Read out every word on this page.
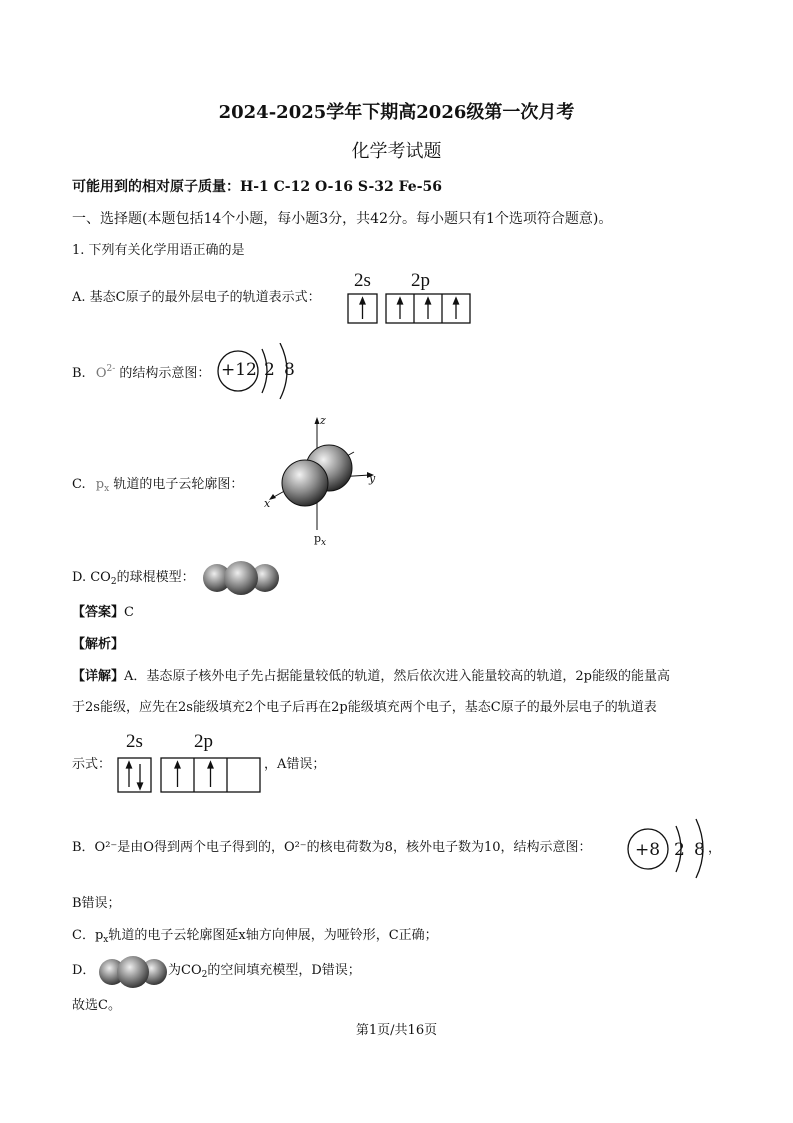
2024-2025学年下期高2026级第一次月考
化学考试题
可能用到的相对原子质量：H-1 C-12 O-16 S-32 Fe-56
一、选择题(本题包括14个小题，每小题3分，共42分。每小题只有1个选项符合题意)。
1. 下列有关化学用语正确的是
A. 基态C原子的最外层电子的轨道表示式：
2s 2p
B. $O^{2-}$ 的结构示意图： +12 2 8
C. $p_x$ 轨道的电子云轮廓图：
z
y
x
$p_x$
D. $CO_2$的球棍模型：
【答案】C
【解析】
【详解】A．基态原子核外电子先占据能量较低的轨道，然后依次进入能量较高的轨道，2p能级的能量高
于2s能级，应先在2s能级填充2个电子后再在2p能级填充两个电子，基态C原子的最外层电子的轨道表
示式：
2s	2p
，A错误；
B．O²⁻是由O得到两个电子得到的，O²⁻的核电荷数为8，核外电子数为10，结构示意图：	+8 2 8 ，
B错误；
C．$p_x$轨道的电子云轮廓图延x轴方向伸展，为哑铃形，C正确；
D．	为$CO_2$的空间填充模型，D错误；
故选C。
第1页/共16页
